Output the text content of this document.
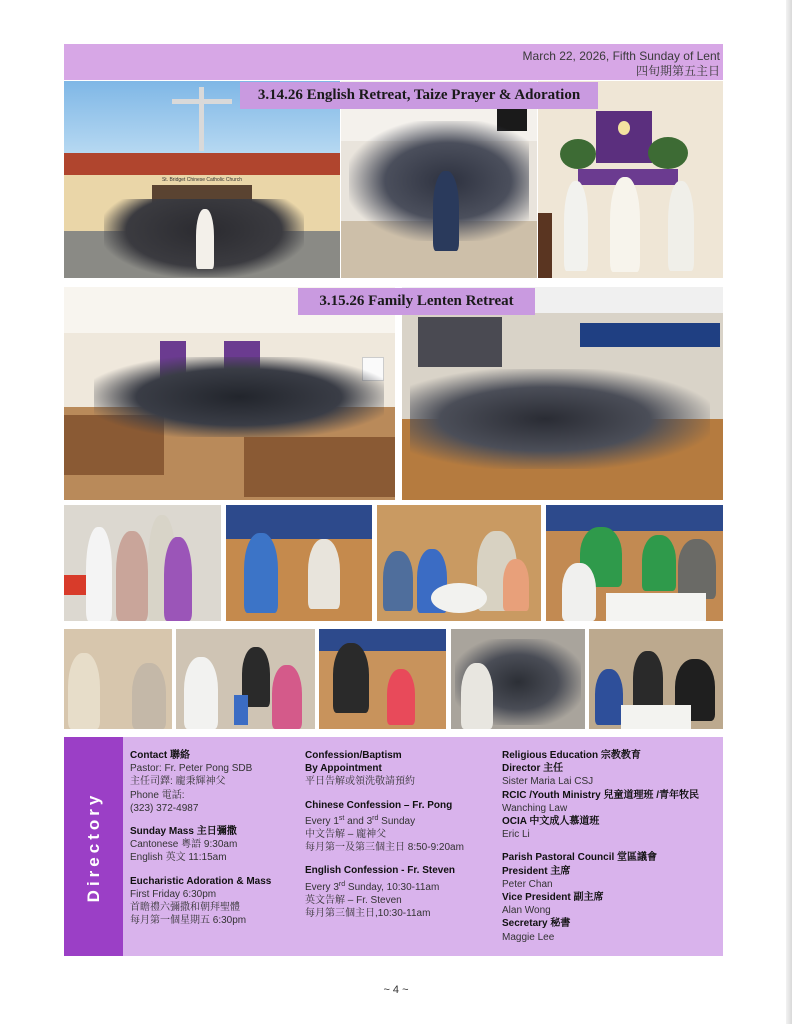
March 22, 2026, Fifth Sunday of Lent
四旬期第五主日
St. Bridget Chinese Catholic Church
3.14.26 English Retreat, Taize Prayer & Adoration
3.15.26 Family Lenten Retreat
Directory
Contact 聯絡
Pastor: Fr. Peter Pong SDB
主任司鐸: 龐秉輝神父
Phone 電話:
(323) 372-4987
Sunday Mass 主日彌撒
Cantonese 粵語 9:30am
English 英文 11:15am
Eucharistic Adoration & Mass
First Friday 6:30pm
首瞻禮六彌撒和朝拜聖體
每月第一個星期五 6:30pm
Confession/Baptism
By Appointment
平日告解或領洗敬請預約
Chinese Confession – Fr. Pong
Every 1st and 3rd Sunday
中文告解 – 龐神父
每月第一及第三個主日 8:50-9:20am
English Confession - Fr. Steven
Every 3rd Sunday, 10:30-11am
英文告解 – Fr. Steven
每月第三個主日,10:30-11am
Religious Education 宗教教育
Director 主任
Sister Maria Lai CSJ
RCIC /Youth Ministry 兒童道理班 /青年牧民
Wanching Law
OCIA 中文成人慕道班
Eric Li
Parish Pastoral Council 堂區議會
President 主席
Peter Chan
Vice President 副主席
Alan Wong
Secretary 秘書
Maggie Lee
~ 4 ~
